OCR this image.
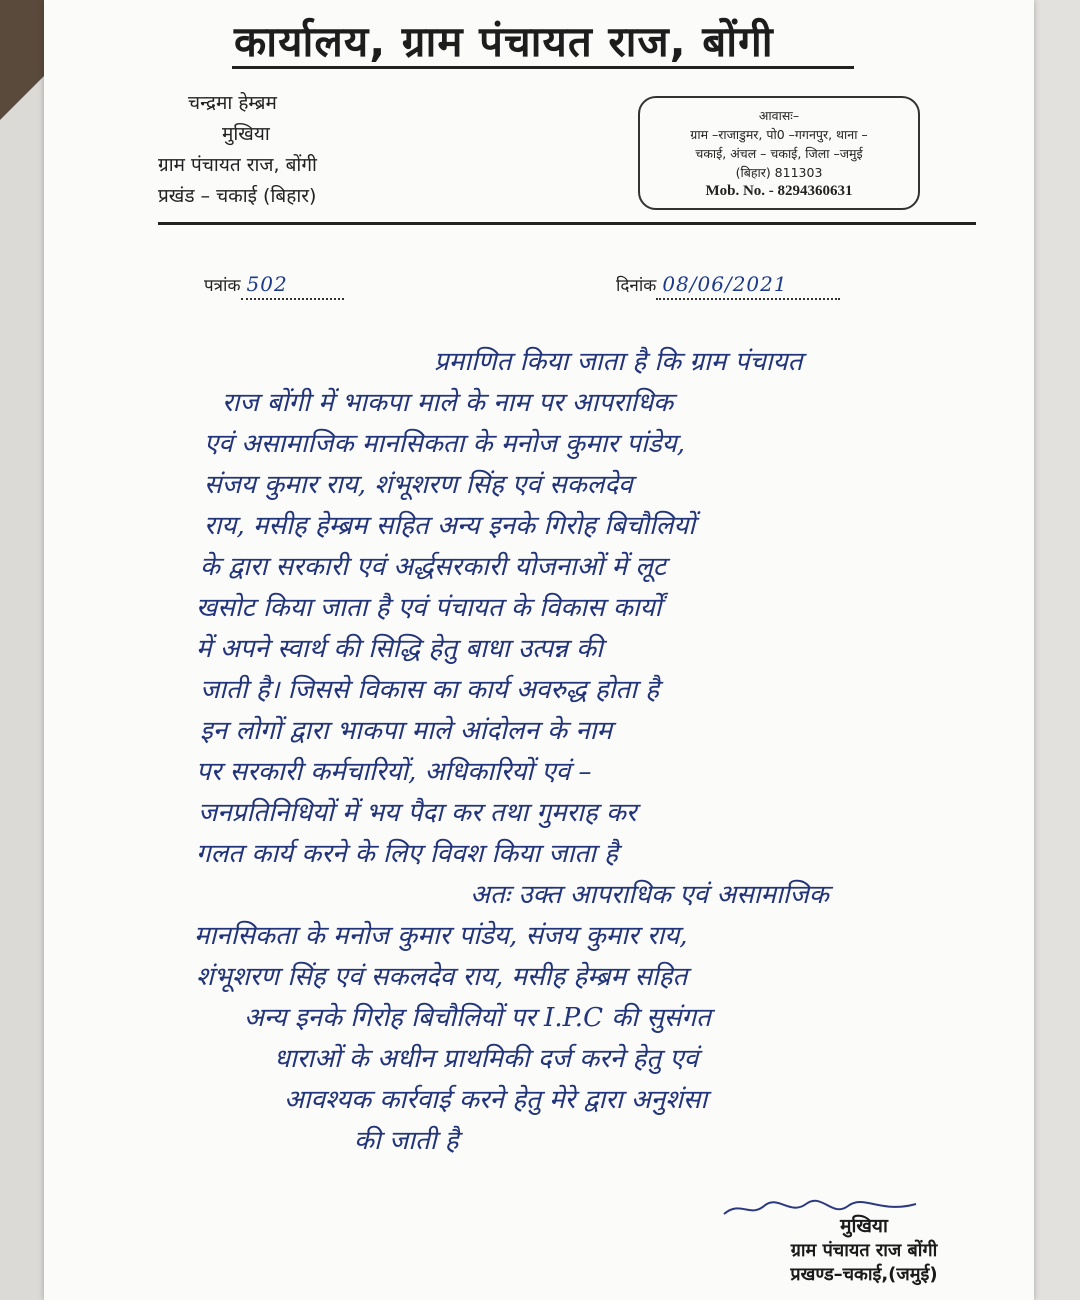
कार्यालय, ग्राम पंचायत राज, बोंगी
चन्द्रमा हेम्ब्रम
मुखिया
ग्राम पंचायत राज, बोंगी
प्रखंड – चकाई (बिहार)
आवासः–
ग्राम –राजाडुमर, पो0 –गगनपुर, थाना –
चकाई, अंचल – चकाई, जिला –जमुई
(बिहार) 811303
Mob. No. - 8294360631
पत्रांक 502	दिनांक 08/06/2021
प्रमाणित किया जाता है कि ग्राम पंचायत
राज बोंगी में भाकपा माले के नाम पर आपराधिक
एवं असामाजिक मानसिकता के मनोज कुमार पांडेय,
संजय कुमार राय, शंभूशरण सिंह एवं सकलदेव
राय, मसीह हेम्ब्रम सहित अन्य इनके गिरोह बिचौलियों
के द्वारा सरकारी एवं अर्द्धसरकारी योजनाओं में लूट
खसोट किया जाता है एवं पंचायत के विकास कार्यों
में अपने स्वार्थ की सिद्धि हेतु बाधा उत्पन्न की
जाती है। जिससे विकास का कार्य अवरुद्ध होता है
इन लोगों द्वारा भाकपा माले आंदोलन के नाम
पर सरकारी कर्मचारियों, अधिकारियों एवं –
जनप्रतिनिधियों में भय पैदा कर तथा गुमराह कर
गलत कार्य करने के लिए विवश किया जाता है
अतः उक्त आपराधिक एवं असामाजिक
मानसिकता के मनोज कुमार पांडेय, संजय कुमार राय,
शंभूशरण सिंह एवं सकलदेव राय, मसीह हेम्ब्रम सहित
अन्य इनके गिरोह बिचौलियों पर I.P.C की सुसंगत
धाराओं के अधीन प्राथमिकी दर्ज करने हेतु एवं
आवश्यक कार्रवाई करने हेतु मेरे द्वारा अनुशंसा
की जाती है
मुखिया
ग्राम पंचायत राज बोंगी
प्रखण्ड–चकाई,(जमुई)
